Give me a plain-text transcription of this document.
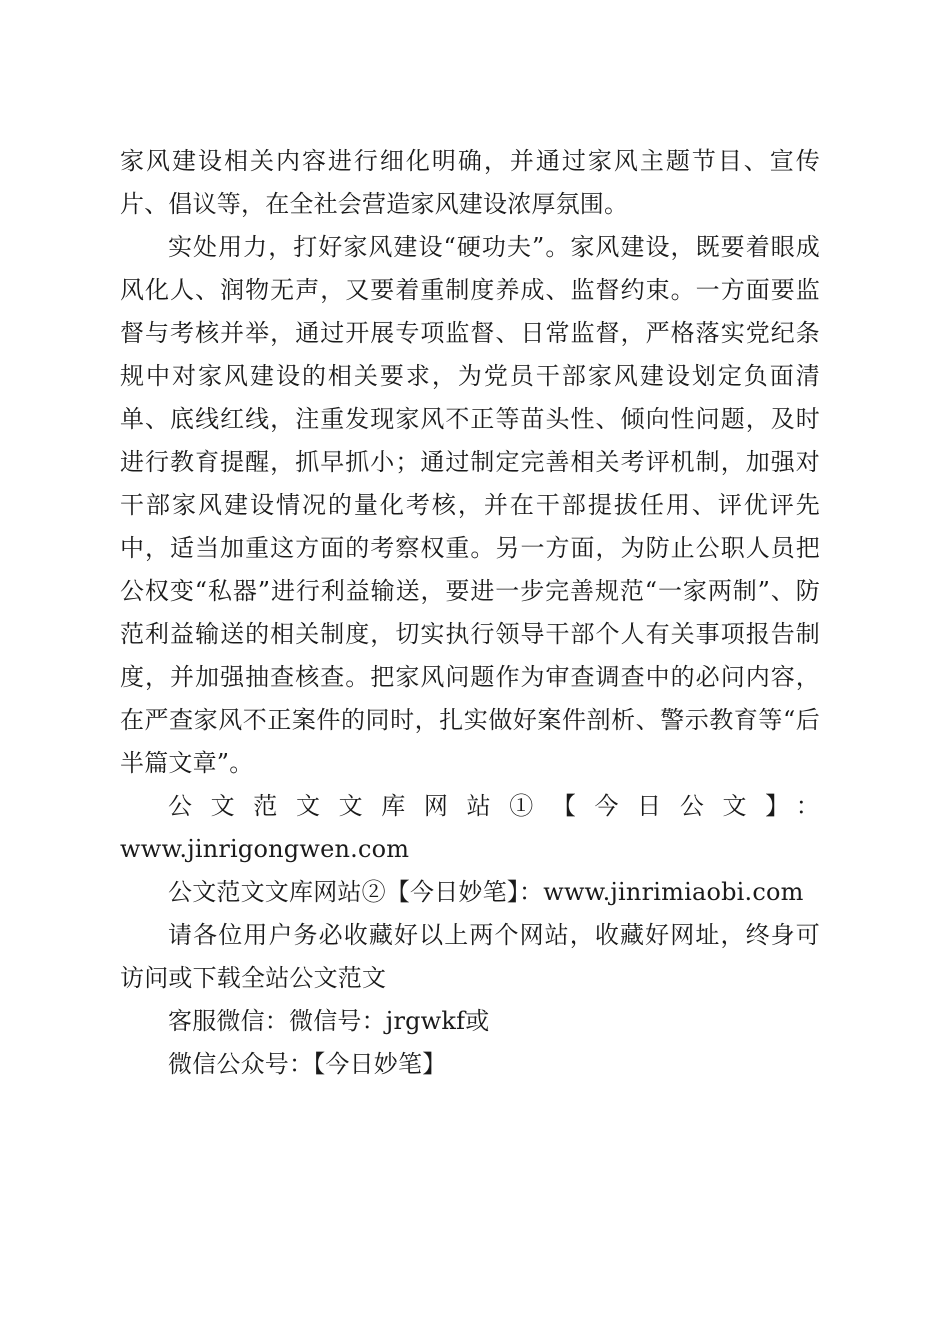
家风建设相关内容进行细化明确，并通过家风主题节目、宣传片、倡议等，在全社会营造家风建设浓厚氛围。

实处用力，打好家风建设“硬功夫”。家风建设，既要着眼成风化人、润物无声，又要着重制度养成、监督约束。一方面要监督与考核并举，通过开展专项监督、日常监督，严格落实党纪条规中对家风建设的相关要求，为党员干部家风建设划定负面清单、底线红线，注重发现家风不正等苗头性、倾向性问题，及时进行教育提醒，抓早抓小；通过制定完善相关考评机制，加强对干部家风建设情况的量化考核，并在干部提拔任用、评优评先中，适当加重这方面的考察权重。另一方面，为防止公职人员把公权变“私器”进行利益输送，要进一步完善规范“一家两制”、防范利益输送的相关制度，切实执行领导干部个人有关事项报告制度，并加强抽查核查。把家风问题作为审查调查中的必问内容，在严查家风不正案件的同时，扎实做好案件剖析、警示教育等“后半篇文章”。

公文范文文库网站①【今日公文】：

www.jinrigongwen.com

公文范文文库网站②【今日妙笔】：www.jinrimiaobi.com

请各位用户务必收藏好以上两个网站，收藏好网址，终身可访问或下载全站公文范文

客服微信：微信号：jrgwkf或

微信公众号：【今日妙笔】
